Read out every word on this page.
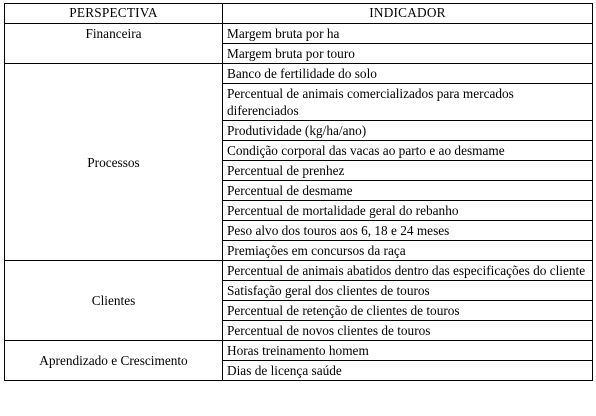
PERSPECTIVA	INDICADOR
Financeira	Margem bruta por ha
	Margem bruta por touro
Processos	Banco de fertilidade do solo
	Percentual de animais comercializados para mercados diferenciados
	Produtividade (kg/ha/ano)
	Condição corporal das vacas ao parto e ao desmame
	Percentual de prenhez
	Percentual de desmame
	Percentual de mortalidade geral do rebanho
	Peso alvo dos touros aos 6, 18 e 24 meses
	Premiações em concursos da raça
Clientes	Percentual de animais abatidos dentro das especificações do cliente
	Satisfação geral dos clientes de touros
	Percentual de retenção de clientes de touros
	Percentual de novos clientes de touros
Aprendizado e Crescimento	Horas treinamento homem
	Dias de licença saúde
